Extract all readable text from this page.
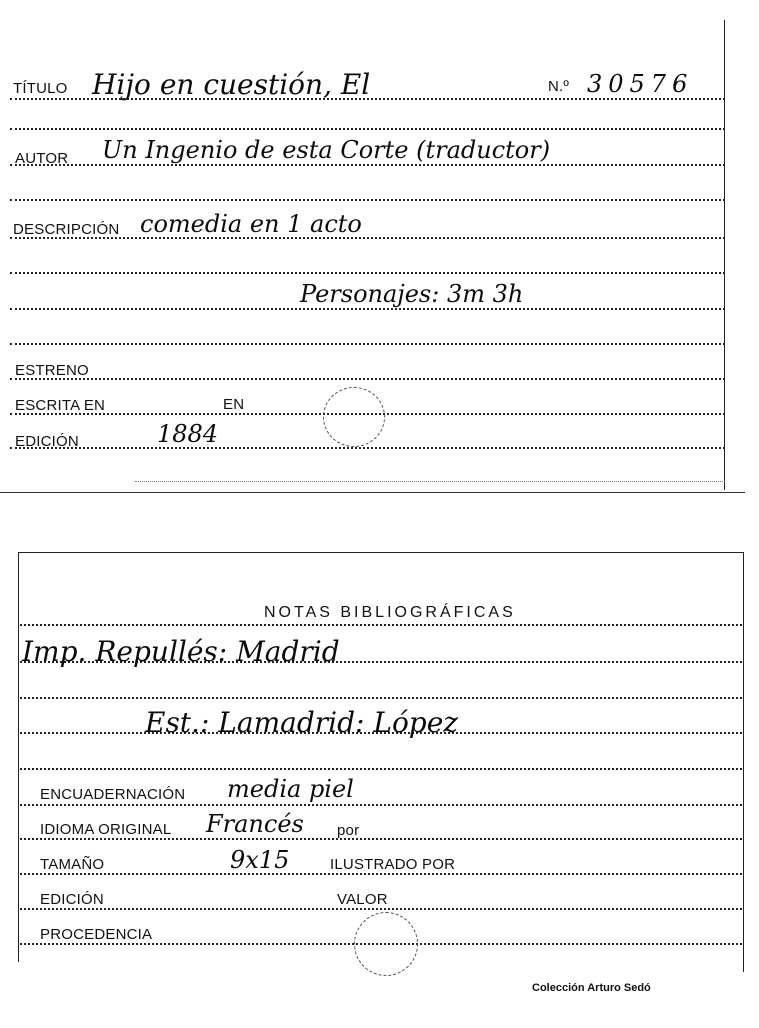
TÍTULO Hijo en cuestión, El	N.º 30576
AUTOR Un Ingenio de esta Corte (traductor)
DESCRIPCIÓN comedia en 1 acto
Personajes: 3m 3h
ESTRENO
ESCRITA EN	EN
EDICIÓN	1884
NOTAS BIBLIOGRÁFICAS
Imp. Repullés: Madrid
Est.: Lamadrid: López
ENCUADERNACIÓN media piel
IDIOMA ORIGINAL Francés por
TAMAÑO	9x15	ILUSTRADO POR
EDICIÓN	VALOR
PROCEDENCIA
Colección Arturo Sedó
